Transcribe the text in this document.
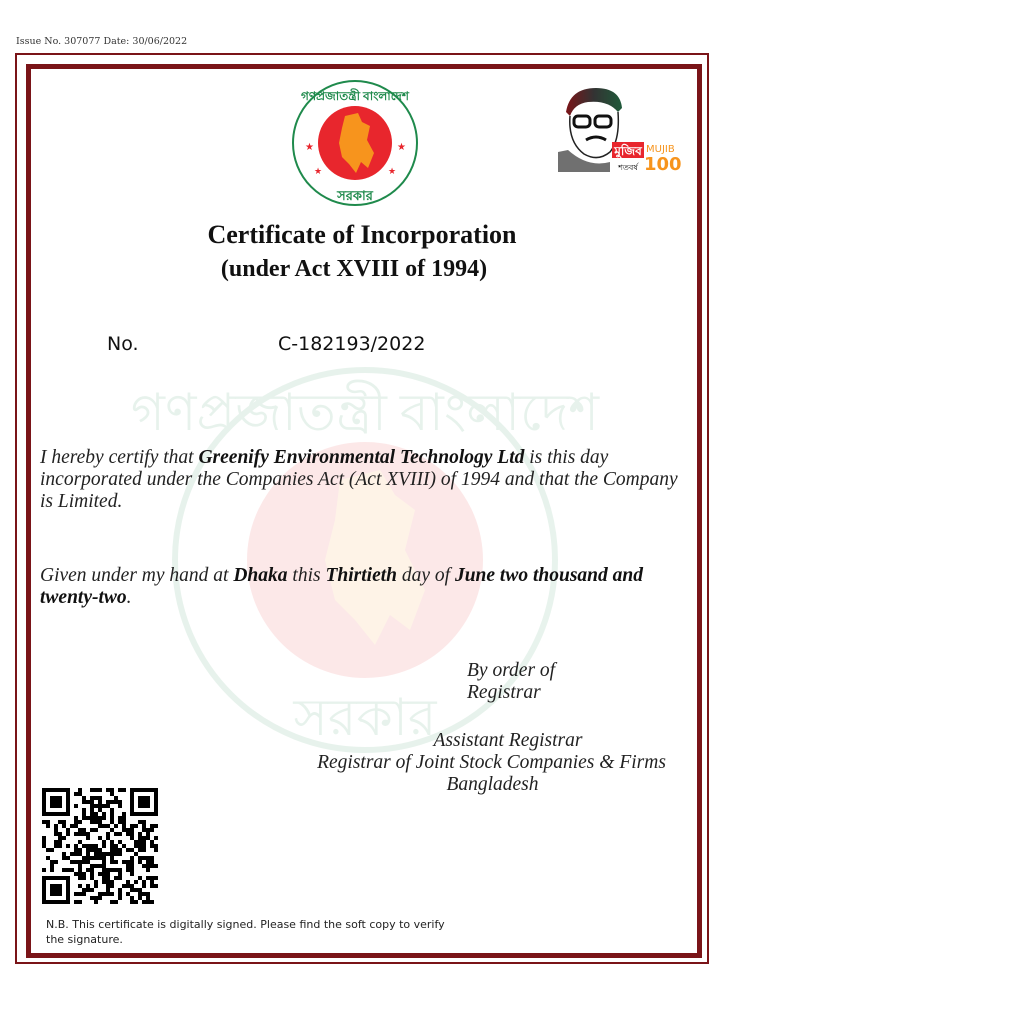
Issue No. 307077 Date: 30/06/2022
গণপ্রজাতন্ত্রী বাংলাদেশ
সরকার
গণপ্রজাতন্ত্রী বাংলাদেশ
সরকার
★	★
★	★
মুজিব
শতবর্ষ
MUJIB
100
Certificate of Incorporation
(under Act XVIII of 1994)
No.	C-182193/2022
I hereby certify that Greenify Environmental Technology Ltd is this day incorporated under the Companies Act (Act XVIII) of 1994 and that the Company is Limited.
Given under my hand at Dhaka this Thirtieth day of June two thousand and twenty-two.
By order of
Registrar
Assistant Registrar
Registrar of Joint Stock Companies & Firms
Bangladesh
N.B. This certificate is digitally signed. Please find the soft copy to verify the signature.
